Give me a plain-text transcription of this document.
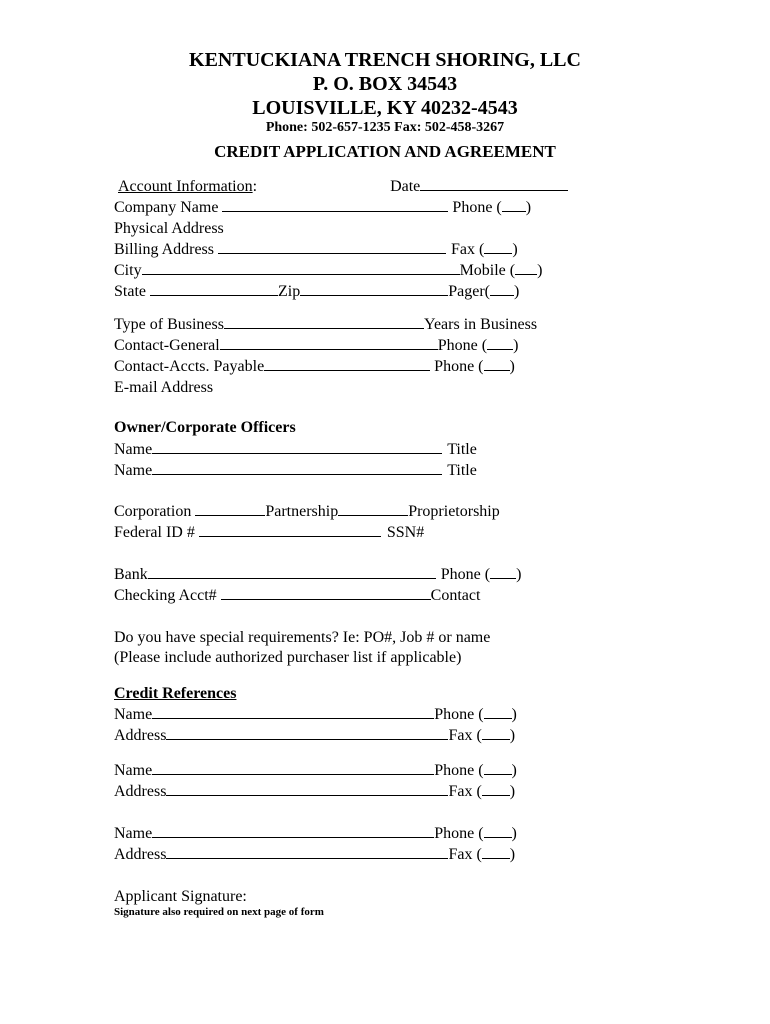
KENTUCKIANA TRENCH SHORING, LLC
P. O. BOX 34543
LOUISVILLE, KY 40232-4543
Phone: 502-657-1235 Fax: 502-458-3267
CREDIT APPLICATION AND AGREEMENT
Account Information :	Date
Company Name	Phone ( )
Physical Address
Billing Address	Fax ( )
City	Mobile ( )
State	Zip	Pager( )
Type of Business	Years in Business
Contact-General	Phone ( )
Contact-Accts. Payable	Phone ( )
E-mail Address
Owner/Corporate Officers
Name	Title
Name	Title
Corporation	Partnership	Proprietorship
Federal ID #	SSN#
Bank	Phone ( )
Checking Acct#	Contact
Do you have special requirements? Ie: PO#, Job # or name
(Please include authorized purchaser list if applicable)
Credit References
Name	Phone ( )
Address	Fax ( )
Name	Phone ( )
Address	Fax ( )
Name	Phone ( )
Address	Fax ( )
Applicant Signature:
Signature also required on next page of form
